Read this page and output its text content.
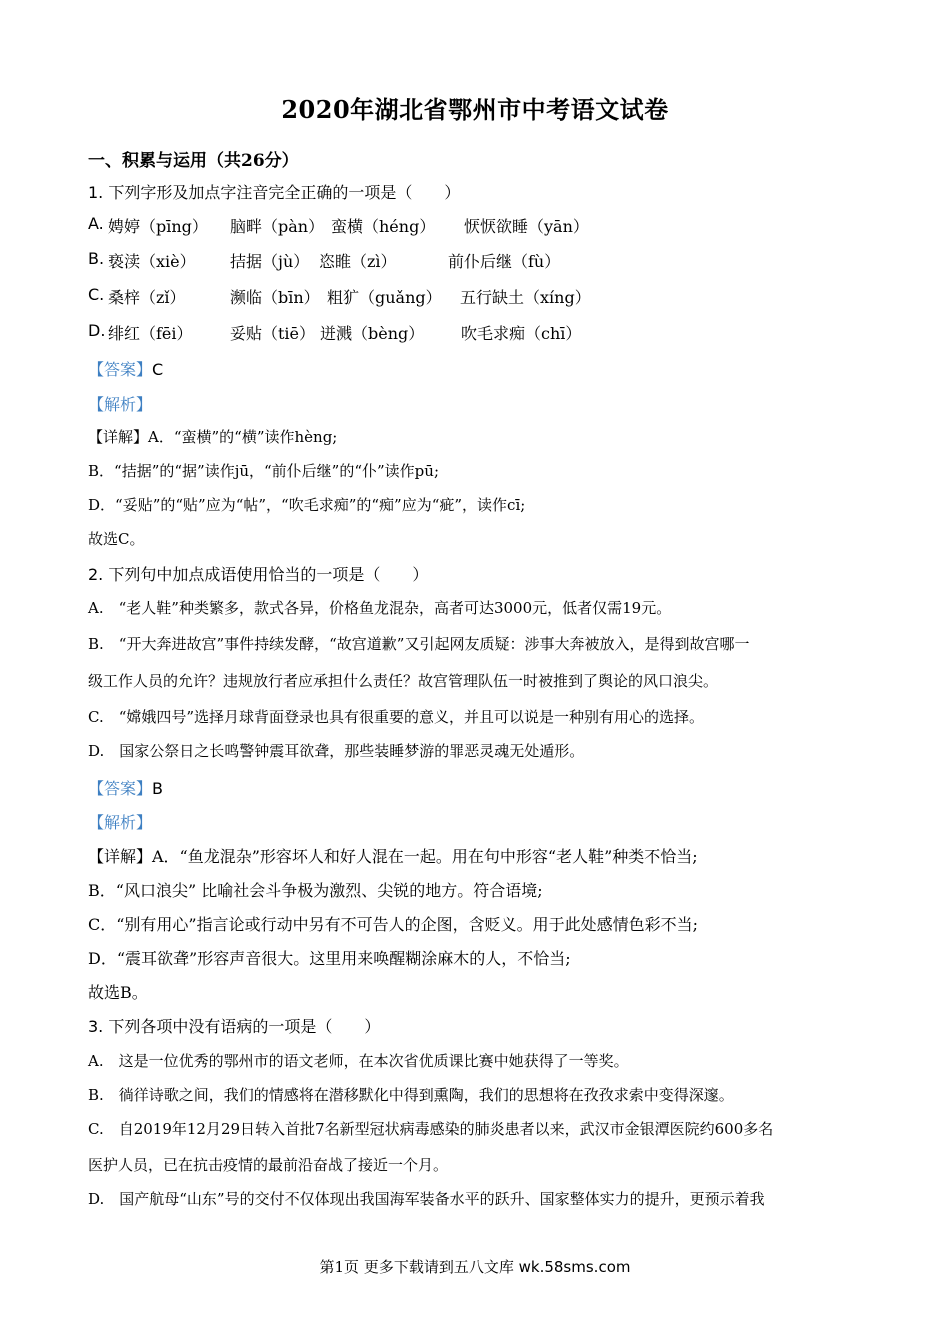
2020年湖北省鄂州市中考语文试卷
一、积累与运用（共26分）
1. 下列字形及加点字注音完全正确的一项是（　　）
A. 娉婷（pīng） 脑畔（pàn） 蛮横（héng） 恹恹欲睡（yān）
B. 亵渎（xiè） 拮据（jù） 恣睢（zì）	前仆后继（fù）
C. 桑梓（zǐ）	濒临（bīn） 粗犷（guǎng） 五行缺土（xíng）
D. 绯红（fēi） 妥贴（tiē） 迸溅（bèng） 吹毛求痴（chī）
【答案】C
【解析】
【详解】A．“蛮横”的“横”读作hèng;
B．“拮据”的“据”读作jū，“前仆后继”的“仆”读作pū;
D．“妥贴”的“贴”应为“帖”，“吹毛求痴”的“痴”应为“疵”，读作cī;
故选C。
2. 下列句中加点成语使用恰当的一项是（　　）
A.　“老人鞋”种类繁多，款式各异，价格鱼龙混杂，高者可达3000元，低者仅需19元。
B.　“开大奔进故宫”事件持续发酵，“故宫道歉”又引起网友质疑：涉事大奔被放入，是得到故宫哪一
级工作人员的允许？违规放行者应承担什么责任？故宫管理队伍一时被推到了舆论的风口浪尖。
C.　“嫦娥四号”选择月球背面登录也具有很重要的意义，并且可以说是一种别有用心的选择。
D.　国家公祭日之长鸣警钟震耳欲聋，那些装睡梦游的罪恶灵魂无处遁形。
【答案】B
【解析】
【详解】A．“鱼龙混杂”形容坏人和好人混在一起。用在句中形容“老人鞋”种类不恰当;
B．“风口浪尖” 比喻社会斗争极为激烈、尖锐的地方。符合语境;
C．“别有用心”指言论或行动中另有不可告人的企图，含贬义。用于此处感情色彩不当;
D．“震耳欲聋”形容声音很大。这里用来唤醒糊涂麻木的人，不恰当;
故选B。
3. 下列各项中没有语病的一项是（　　）
A.　这是一位优秀的鄂州市的语文老师，在本次省优质课比赛中她获得了一等奖。
B.　徜徉诗歌之间，我们的情感将在潜移默化中得到熏陶，我们的思想将在孜孜求索中变得深邃。
C.　自2019年12月29日转入首批7名新型冠状病毒感染的肺炎患者以来，武汉市金银潭医院约600多名
医护人员，已在抗击疫情的最前沿奋战了接近一个月。
D.　国产航母“山东”号的交付不仅体现出我国海军装备水平的跃升、国家整体实力的提升，更预示着我
第1页 更多下载请到五八文库 wk.58sms.com
